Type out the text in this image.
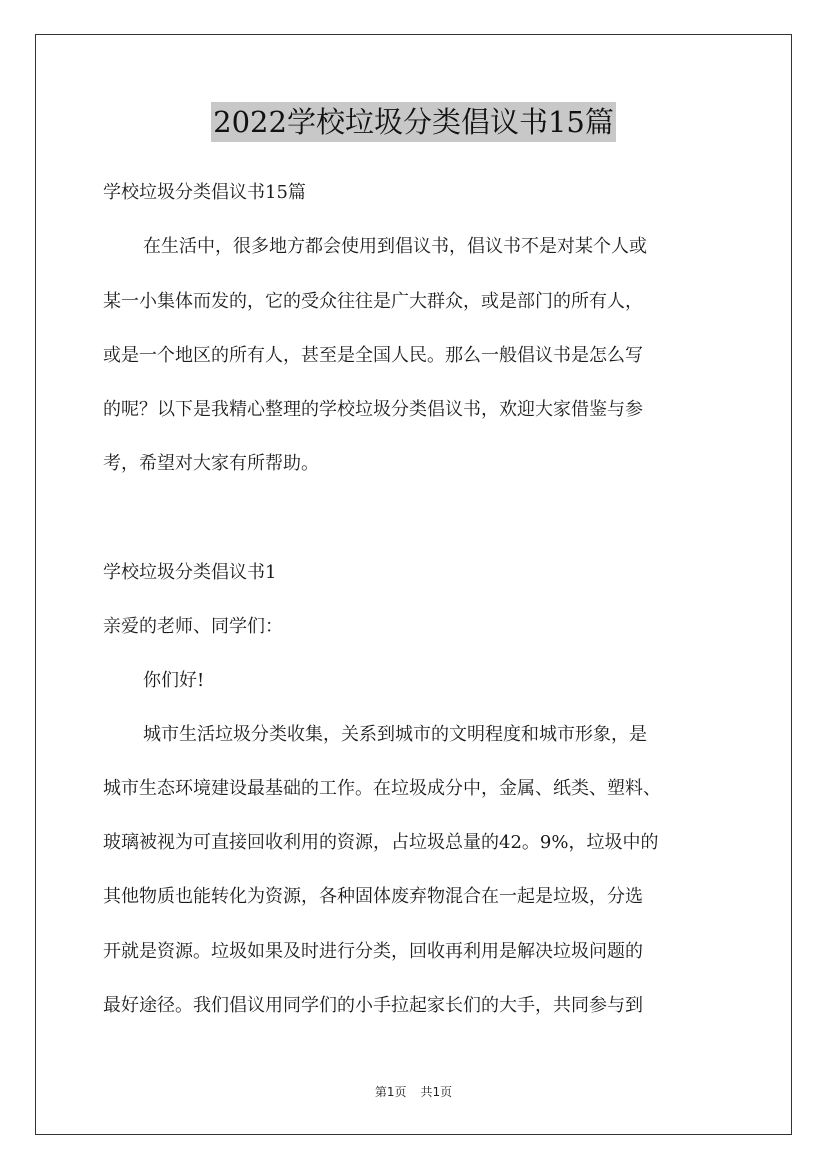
2022学校垃圾分类倡议书15篇
学校垃圾分类倡议书15篇
在生活中，很多地方都会使用到倡议书，倡议书不是对某个人或
某一小集体而发的，它的受众往往是广大群众，或是部门的所有人，
或是一个地区的所有人，甚至是全国人民。那么一般倡议书是怎么写
的呢？以下是我精心整理的学校垃圾分类倡议书，欢迎大家借鉴与参
考，希望对大家有所帮助。
学校垃圾分类倡议书1
亲爱的老师、同学们：
你们好!
城市生活垃圾分类收集，关系到城市的文明程度和城市形象，是
城市生态环境建设最基础的工作。在垃圾成分中，金属、纸类、塑料、
玻璃被视为可直接回收利用的资源，占垃圾总量的42。9%，垃圾中的
其他物质也能转化为资源，各种固体废弃物混合在一起是垃圾，分选
开就是资源。垃圾如果及时进行分类，回收再利用是解决垃圾问题的
最好途径。我们倡议用同学们的小手拉起家长们的大手，共同参与到
第1页 共1页
